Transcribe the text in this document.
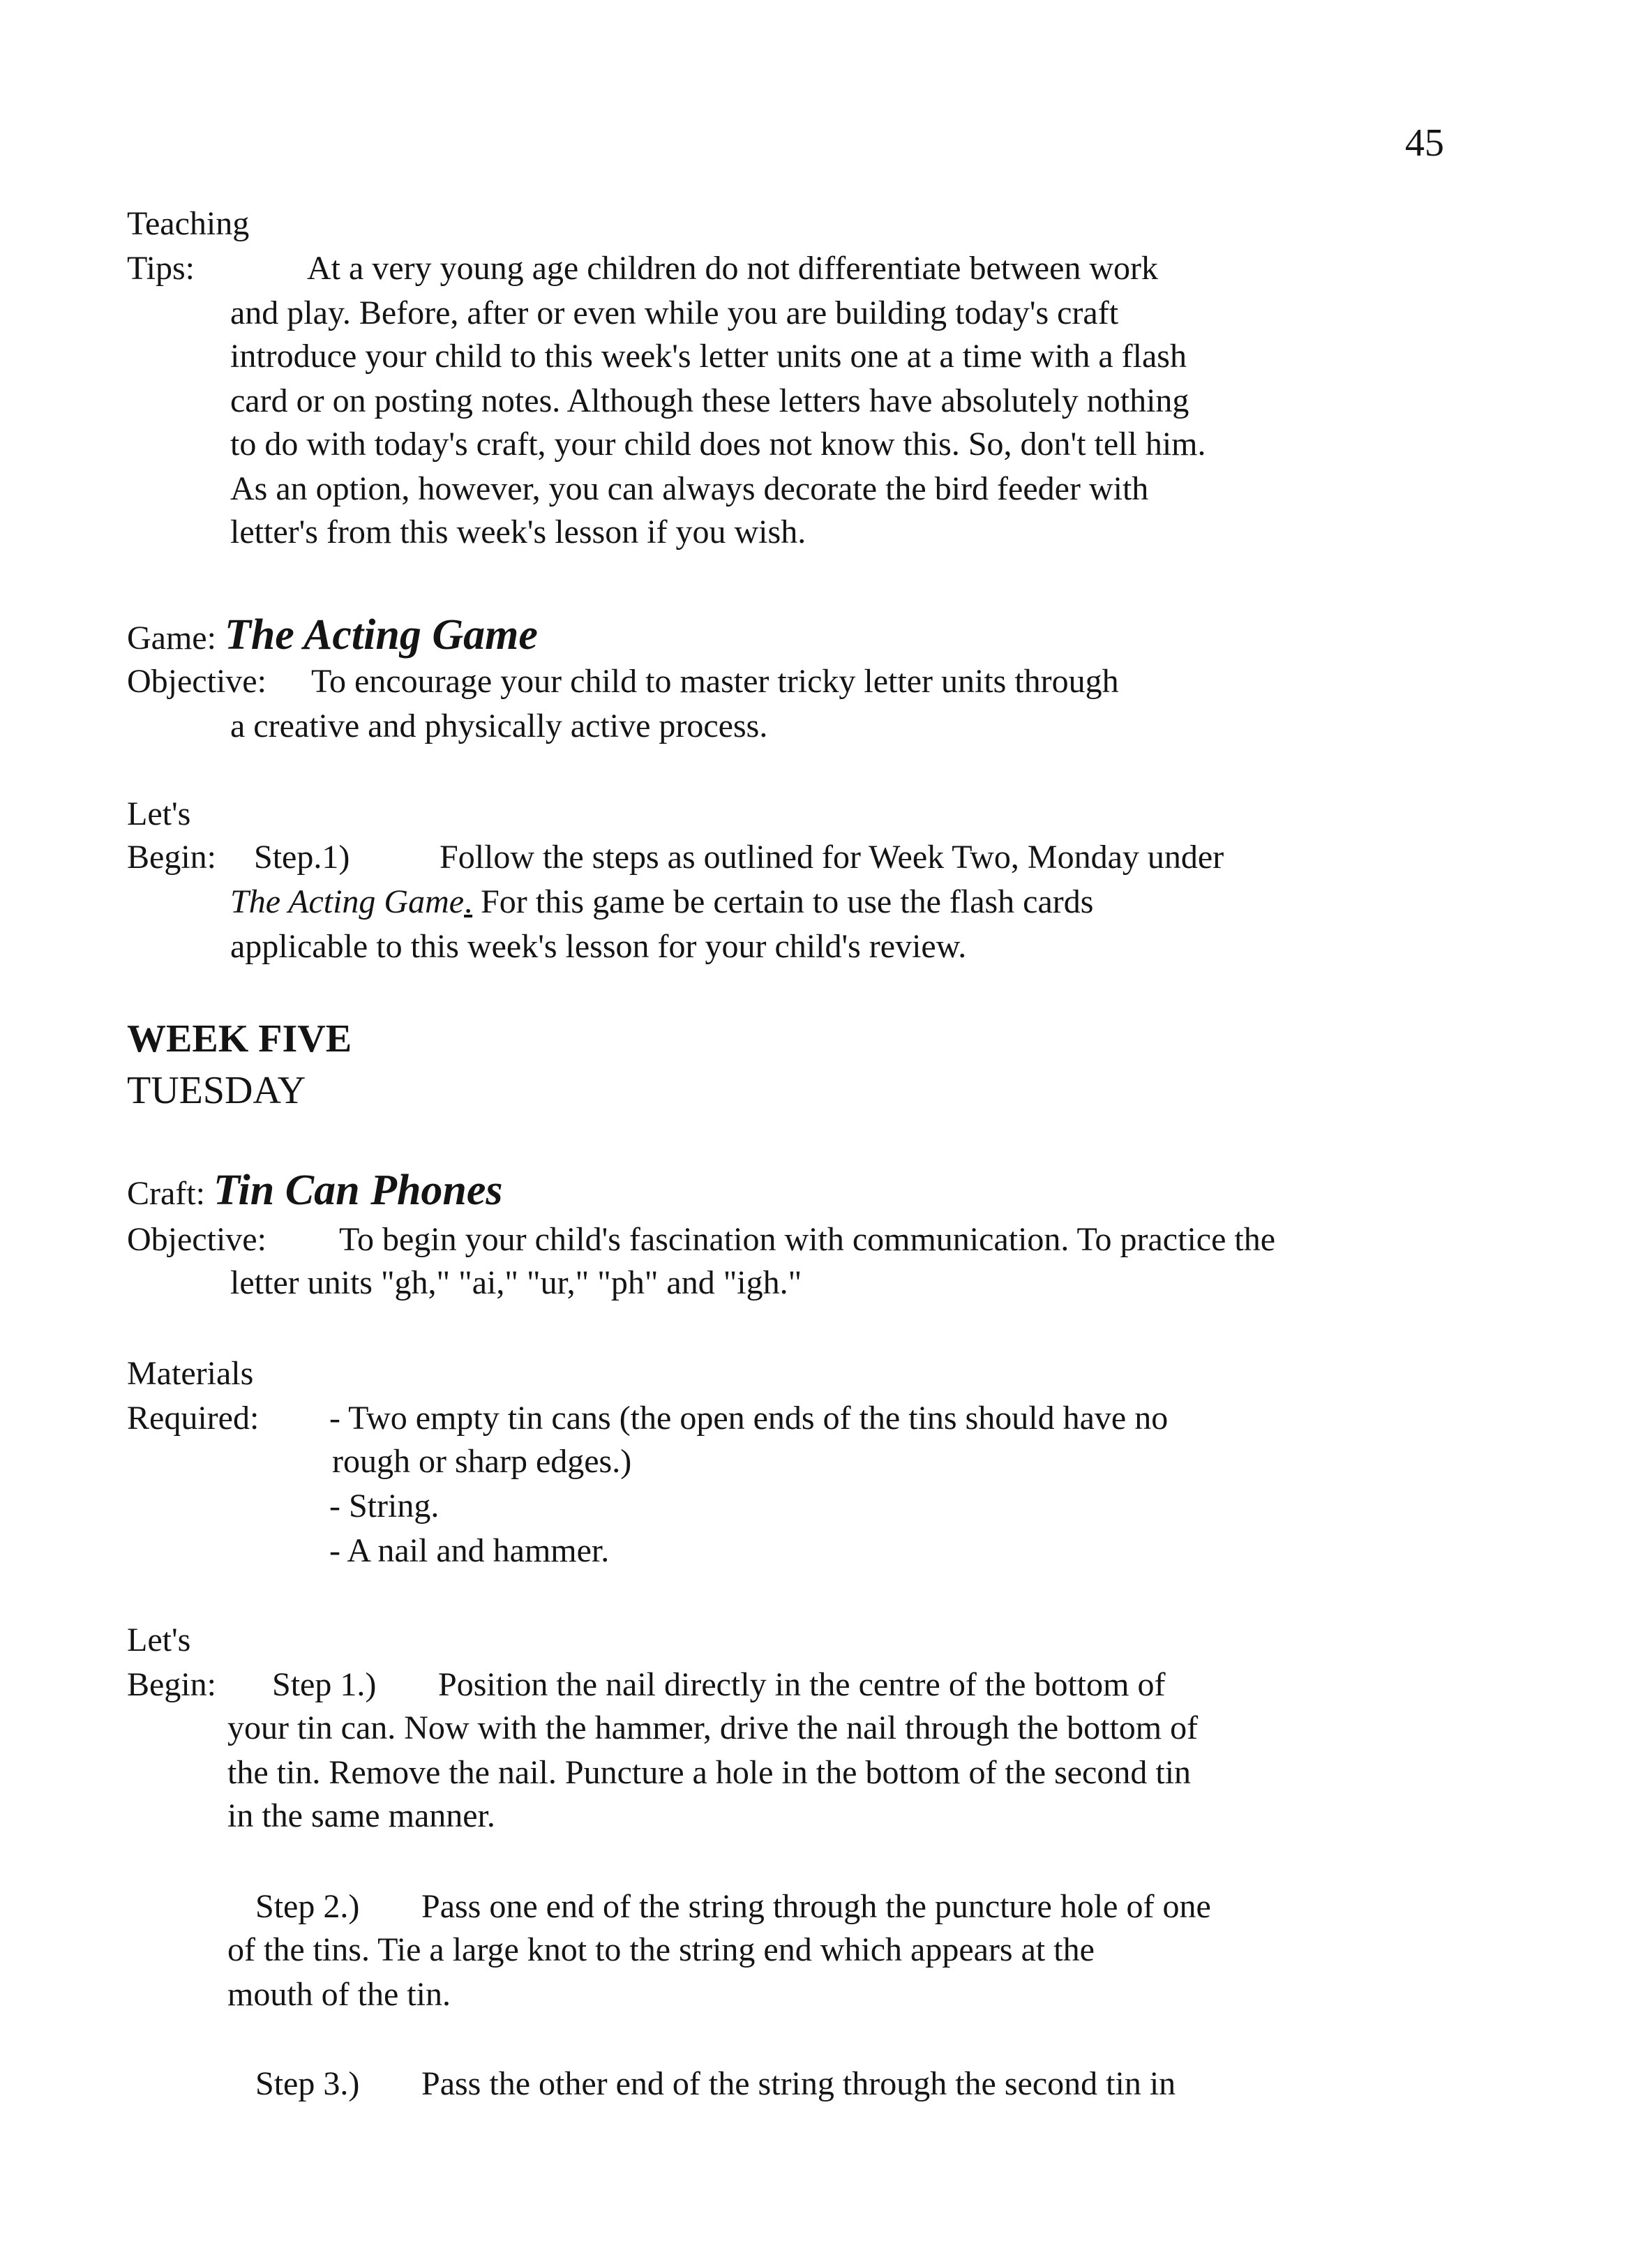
45
Teaching
Tips:	At a very young age children do not differentiate between work
and play. Before, after or even while you are building today's craft
introduce your child to this week's letter units one at a time with a flash
card or on posting notes. Although these letters have absolutely nothing
to do with today's craft, your child does not know this. So, don't tell him.
As an option, however, you can always decorate the bird feeder with
letter's from this week's lesson if you wish.
Game: The Acting Game
Objective: To encourage your child to master tricky letter units through
a creative and physically active process.
Let's
Begin: Step.1)	Follow the steps as outlined for Week Two, Monday under
The Acting Game. For this game be certain to use the flash cards
applicable to this week's lesson for your child's review.
WEEK FIVE
TUESDAY
Craft: Tin Can Phones
Objective: To begin your child's fascination with communication. To practice the
letter units "gh," "ai," "ur," "ph" and "igh."
Materials
Required: - Two empty tin cans (the open ends of the tins should have no
rough or sharp edges.)
- String.
- A nail and hammer.
Let's
Begin: Step 1.) Position the nail directly in the centre of the bottom of
your tin can. Now with the hammer, drive the nail through the bottom of
the tin. Remove the nail. Puncture a hole in the bottom of the second tin
in the same manner.
Step 2.) Pass one end of the string through the puncture hole of one
of the tins. Tie a large knot to the string end which appears at the
mouth of the tin.
Step 3.) Pass the other end of the string through the second tin in
